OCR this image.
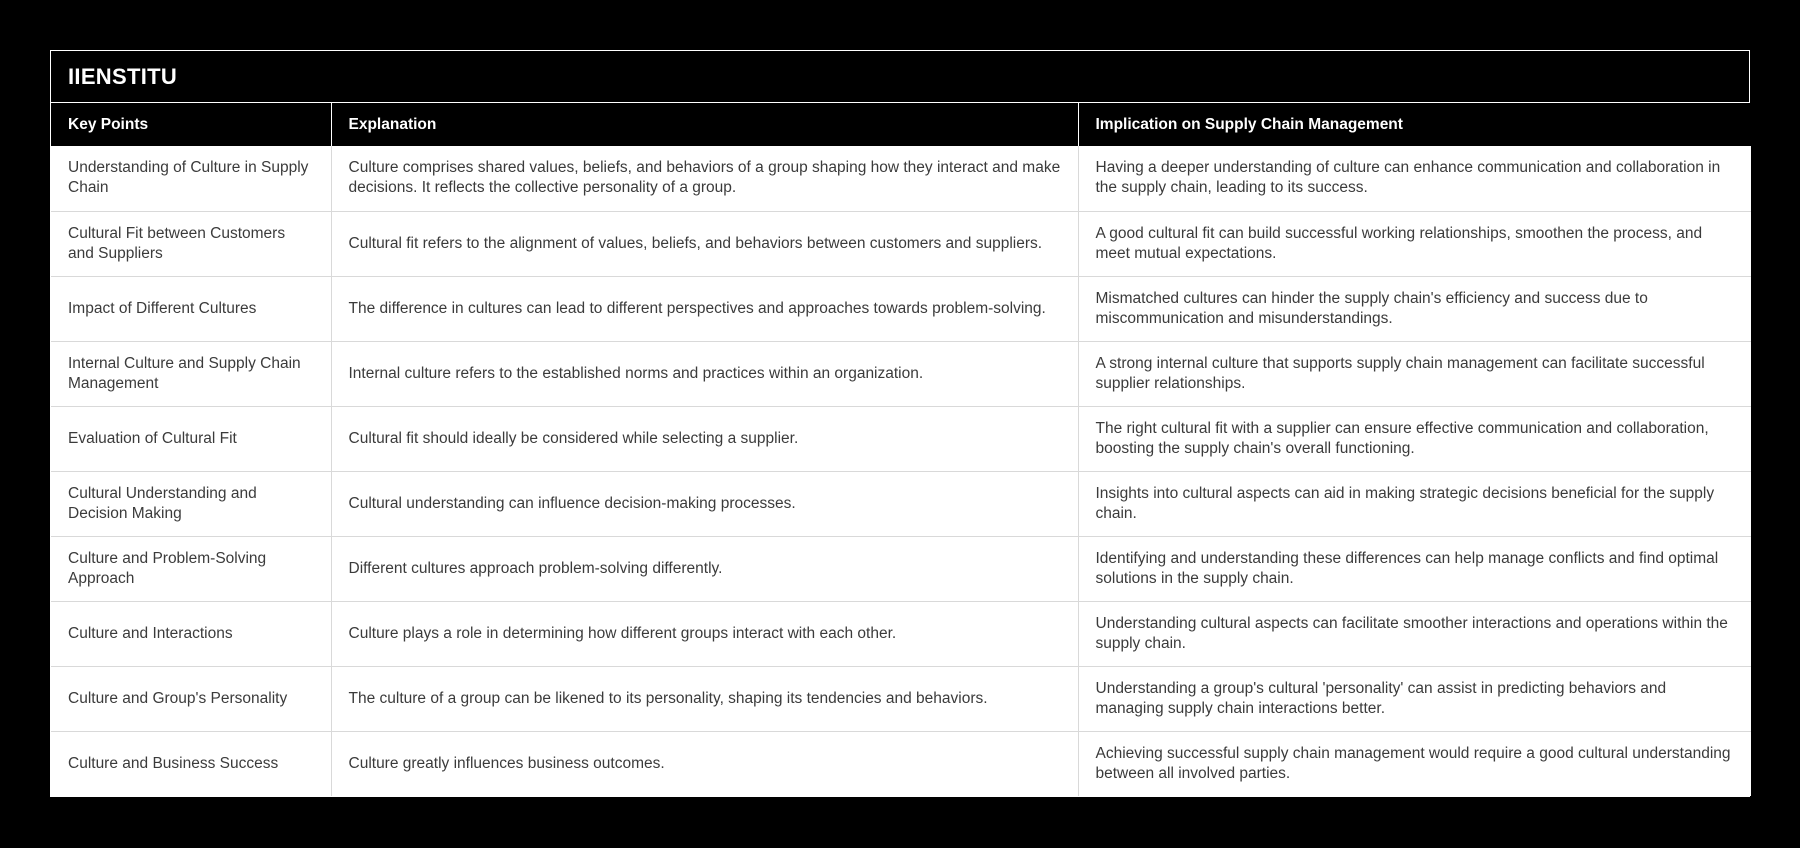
IIENSTITU
Key Points	Explanation	Implication on Supply Chain Management
Understanding of Culture in Supply Chain	Culture comprises shared values, beliefs, and behaviors of a group shaping how they interact and make decisions. It reflects the collective personality of a group.	Having a deeper understanding of culture can enhance communication and collaboration in the supply chain, leading to its success.
Cultural Fit between Customers and Suppliers	Cultural fit refers to the alignment of values, beliefs, and behaviors between customers and suppliers.	A good cultural fit can build successful working relationships, smoothen the process, and meet mutual expectations.
Impact of Different Cultures	The difference in cultures can lead to different perspectives and approaches towards problem-solving.	Mismatched cultures can hinder the supply chain's efficiency and success due to miscommunication and misunderstandings.
Internal Culture and Supply Chain Management	Internal culture refers to the established norms and practices within an organization.	A strong internal culture that supports supply chain management can facilitate successful supplier relationships.
Evaluation of Cultural Fit	Cultural fit should ideally be considered while selecting a supplier.	The right cultural fit with a supplier can ensure effective communication and collaboration, boosting the supply chain's overall functioning.
Cultural Understanding and Decision Making	Cultural understanding can influence decision-making processes.	Insights into cultural aspects can aid in making strategic decisions beneficial for the supply chain.
Culture and Problem-Solving Approach	Different cultures approach problem-solving differently.	Identifying and understanding these differences can help manage conflicts and find optimal solutions in the supply chain.
Culture and Interactions	Culture plays a role in determining how different groups interact with each other.	Understanding cultural aspects can facilitate smoother interactions and operations within the supply chain.
Culture and Group's Personality	The culture of a group can be likened to its personality, shaping its tendencies and behaviors.	Understanding a group's cultural 'personality' can assist in predicting behaviors and managing supply chain interactions better.
Culture and Business Success	Culture greatly influences business outcomes.	Achieving successful supply chain management would require a good cultural understanding between all involved parties.
